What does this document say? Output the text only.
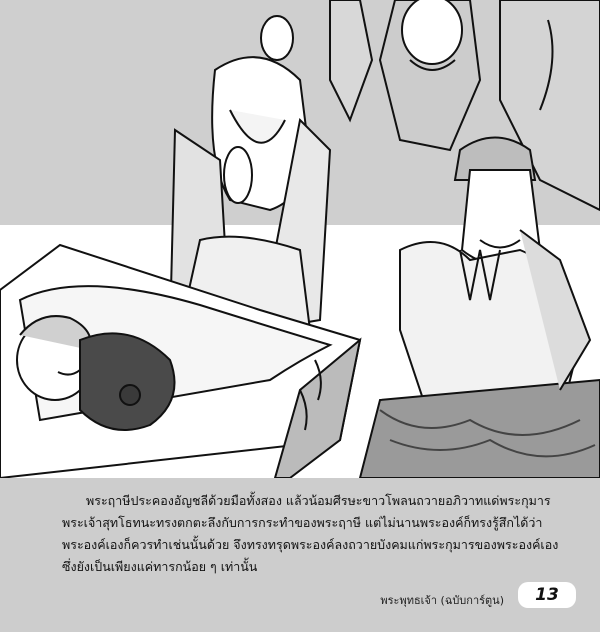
พระฤาษีประคองอัญชลีด้วยมือทั้งสอง แล้วน้อมศีรษะขาวโพลนถวายอภิวาทแด่พระกุมาร พระเจ้าสุทโธทนะทรงตกตะลึงกับการกระทำของพระฤาษี แต่ไม่นานพระองค์ก็ทรงรู้สึกได้ว่าพระองค์เองก็ควรทำเช่นนั้นด้วย จึงทรงทรุดพระองค์ลงถวายบังคมแก่พระกุมารของพระองค์เอง ซึ่งยังเป็นเพียงแค่ทารกน้อย ๆ เท่านั้น

พระพุทธเจ้า (ฉบับการ์ตูน)	13
